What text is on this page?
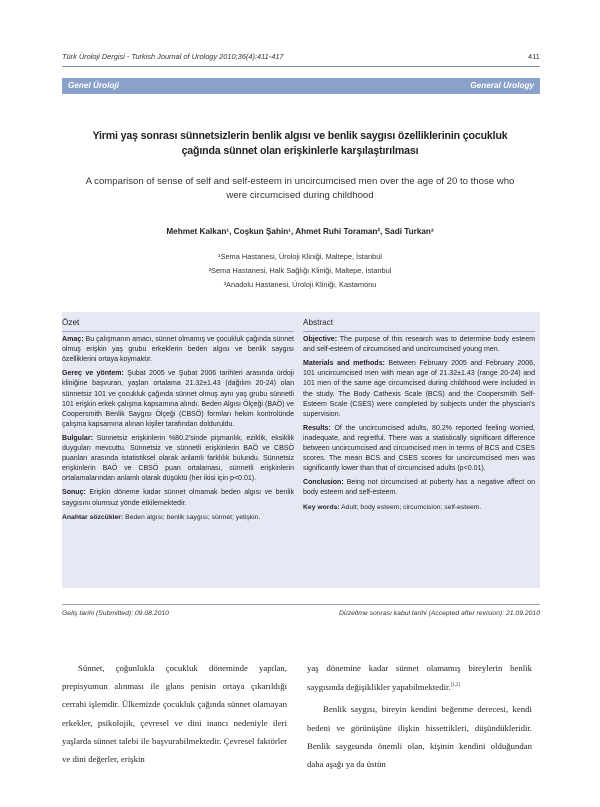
Türk Üroloji Dergisi - Turkish Journal of Urology 2010;36(4):411-417	411
Genel Üroloji	General Urology
Yirmi yaş sonrası sünnetsizlerin benlik algısı ve benlik saygısı özelliklerinin çocukluk
çağında sünnet olan erişkinlerle karşılaştırılması
A comparison of sense of self and self-esteem in uncircumcised men over the age of 20 to those who
were circumcised during childhood
Mehmet Kalkan¹, Coşkun Şahin¹, Ahmet Ruhi Toraman², Sadi Turkan³
¹Sema Hastanesi, Üroloji Kliniği, Maltepe, İstanbul
²Sema Hastanesi, Halk Sağlığı Kliniği, Maltepe, İstanbul
³Anadolu Hastanesi, Üroloji Kliniği, Kastamonu
Özet

Amaç: Bu çalışmanın amacı, sünnet olmamış ve çocukluk çağında sünnet olmuş erişkin yaş grubu erkeklerin beden algısı ve benlik saygısı özelliklerini ortaya koymaktır.

Gereç ve yöntem: Şubat 2005 ve Şubat 2006 tarihleri arasında ürdoji kliniğine başvuran, yaşları ortalama 21.32±1.43 (dağılım 20-24) olan sünnetsiz 101 ve çocukluk çağında sünnet olmuş aynı yaş grubu sünnetli 101 erişkin erkek çalışma kapsamına alındı. Beden Algısı Ölçeği (BAÖ) ve Coopersmith Benlik Saygısı Ölçeği (CBSÖ) formları hekim kontrolünde çalışma kapsamına alınan kişiler tarafından dolduruldu.

Bulgular: Sünnetsiz erişkinlerin %80.2'sinde pişmanlık, eziklik, eksiklik duyguları mevcuttu. Sünnetsiz ve sünnetli erişkinlerin BAÖ ve CBSÖ puanları arasında istatistiksel olarak anlamlı farklılık bulundu. Sünnetsiz erişkinlerin BAÖ ve CBSÖ puan ortalaması, sünnetli erişkinlerin ortalamalarından anlamlı olarak düşüktü (her ikisi için p<0.01).

Sonuç: Erişkin döneme kadar sünnet olmamak beden algısı ve benlik saygısını olumsuz yönde etkilemektedir.

Anahtar sözcükler: Beden algısı; benlik saygısı; sünnet; yetişkin.

Abstract

Objective: The purpose of this research was to determine body esteem and self-esteem of circumcised and uncircumcised young men.

Materials and methods: Between February 2005 and February 2006, 101 uncircumcised men with mean age of 21.32±1.43 (range 20-24) and 101 men of the same age circumcised during childhood were included in the study. The Body Cathexis Scale (BCS) and the Coopersmith Self-Esteem Scale (CSES) were completed by subjects under the physcian's supervision.

Results: Of the uncircumcised adults, 80.2% reported feeling worried, inadequate, and regretful. There was a statistically significant difference between uncircumcised and circumcised men in terms of BCS and CSES scores. The mean BCS and CSES scores for uncircumcised men was significantly lower than that of circumcised adults (p<0.01).

Conclusion: Being not circumcised at puberty has a negative affect on body esteem and self-esteem.

Key words: Adult; body esteem; circumcision; self-esteem.

Geliş tarihi (Submitted): 09.08.2010	Düzeltme sonrası kabul tarihi (Accepted after revision): 21.09.2010

Sünnet, çoğunlukla çocukluk döneminde yapılan, prepisyumun alınması ile glans penisin ortaya çıkarıldığı cerrahi işlemdir. Ülkemizde çocukluk çağında sünnet olamayan erkekler, psikolojik, çevresel ve dini inancı nedeniyle ileri yaşlarda sünnet talebi ile başvurabilmektedir. Çevresel faktörler ve dini değerler, erişkin

yaş dönemine kadar sünnet olamamış bireylerin benlik saygısında değişiklikler yapabilmektedir.[1,2]

Benlik saygısı, bireyin kendini beğenme derecesi, kendi bedeni ve görünüşüne ilişkin hissettikleri, düşündükleridir. Benlik saygısında önemli olan, kişinin kendini olduğundan daha aşağı ya da üstün
